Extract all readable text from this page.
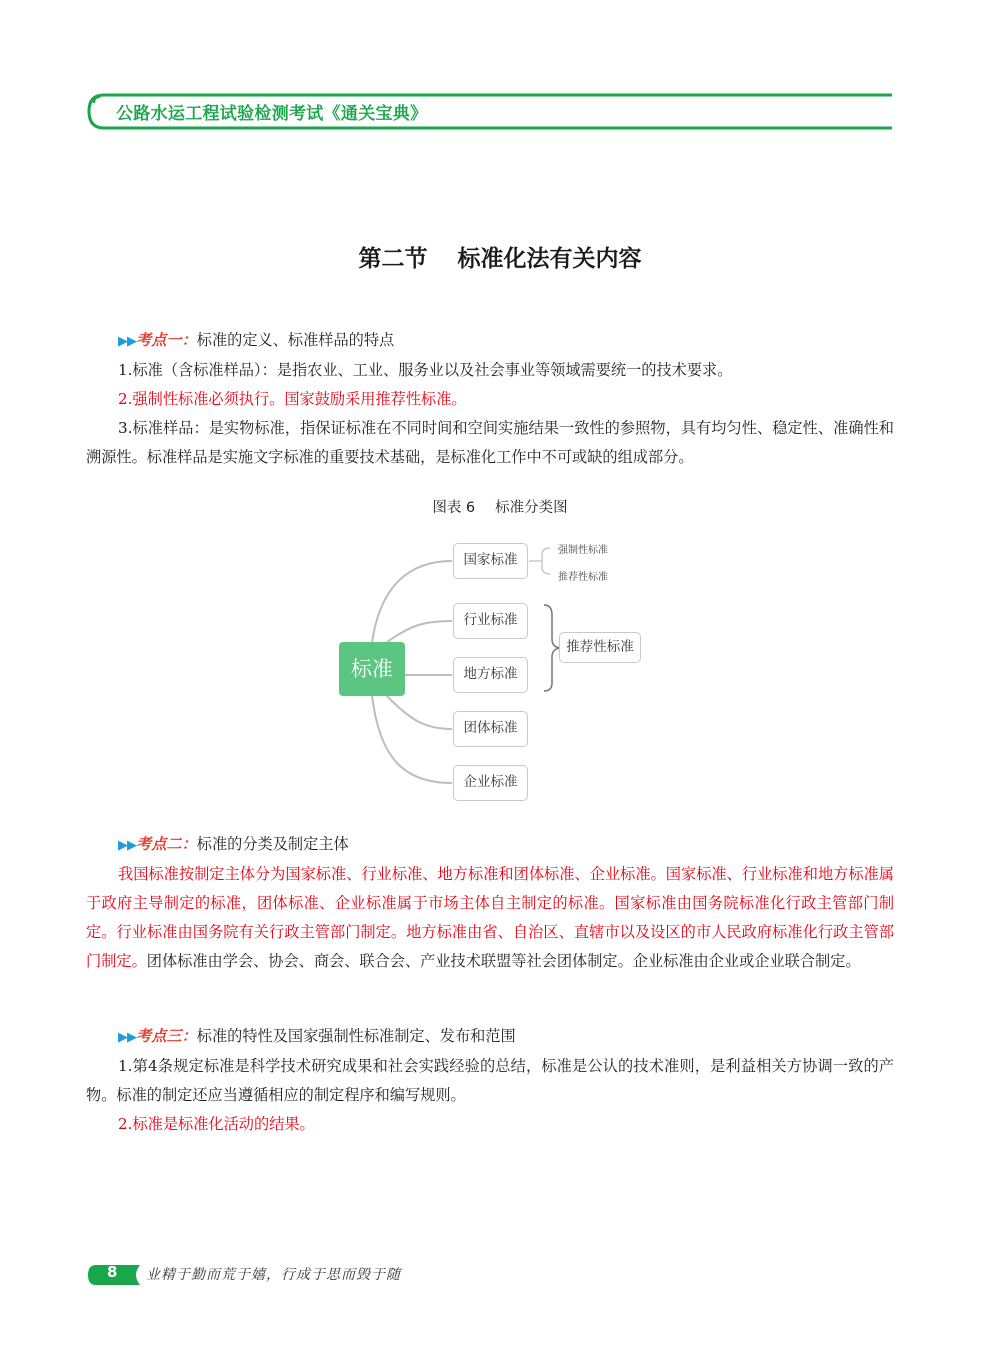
公路水运工程试验检测考试《通关宝典》
第二节 标准化法有关内容
▶▶考点一：标准的定义、标准样品的特点
1.标准（含标准样品）：是指农业、工业、服务业以及社会事业等领域需要统一的技术要求。
2.强制性标准必须执行。国家鼓励采用推荐性标准。
3.标准样品：是实物标准，指保证标准在不同时间和空间实施结果一致性的参照物，具有均匀性、稳定性、准确性和溯源性。标准样品是实施文字标准的重要技术基础，是标准化工作中不可或缺的组成部分。
图表 6 标准分类图
标准
国家标准
行业标准
地方标准
团体标准
企业标准
强制性标准
推荐性标准
推荐性标准
▶▶考点二：标准的分类及制定主体
我国标准按制定主体分为国家标准、行业标准、地方标准和团体标准、企业标准。国家标准、行业标准和地方标准属于政府主导制定的标准，团体标准、企业标准属于市场主体自主制定的标准。国家标准由国务院标准化行政主管部门制定。行业标准由国务院有关行政主管部门制定。地方标准由省、自治区、直辖市以及设区的市人民政府标准化行政主管部门制定。团体标准由学会、协会、商会、联合会、产业技术联盟等社会团体制定。企业标准由企业或企业联合制定。
▶▶考点三：标准的特性及国家强制性标准制定、发布和范围
1.第4条规定标准是科学技术研究成果和社会实践经验的总结，标准是公认的技术准则，是利益相关方协调一致的产物。标准的制定还应当遵循相应的制定程序和编写规则。
2.标准是标准化活动的结果。
8 业精于勤而荒于嬉，行成于思而毁于随
